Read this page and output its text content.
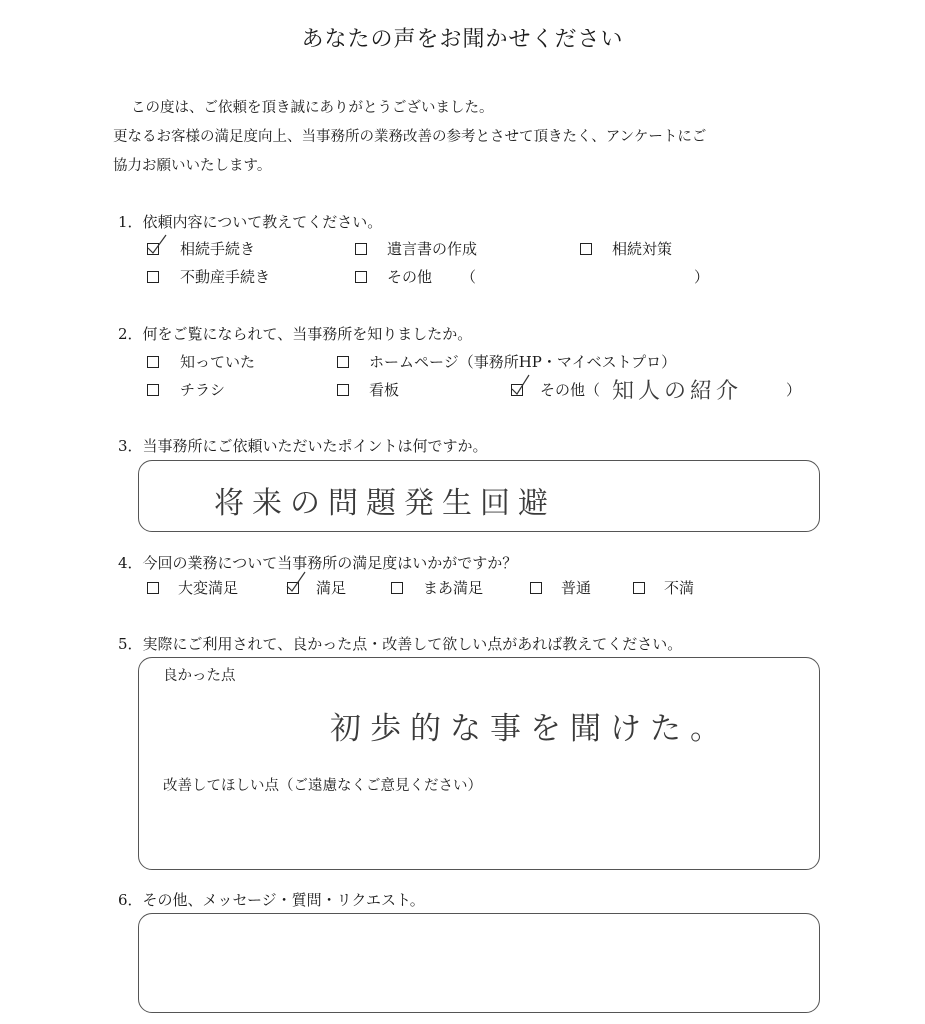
あなたの声をお聞かせください
この度は、ご依頼を頂き誠にありがとうございました。
更なるお客様の満足度向上、当事務所の業務改善の参考とさせて頂きたく、アンケートにご
協力お願いいたします。
1．依頼内容について教えてください。
相続手続き	遺言書の作成	相続対策
不動産手続き	その他 （	）
2．何をご覧になられて、当事務所を知りましたか。
知っていた	ホームページ（事務所HP・マイベストプロ）
チラシ	看板	その他（ 知人の紹介	）
3．当事務所にご依頼いただいたポイントは何ですか。
将来の問題発生回避
4．今回の業務について当事務所の満足度はいかがですか？
大変満足	満足	まあ満足	普通	不満
5．実際にご利用されて、良かった点・改善して欲しい点があれば教えてください。
良かった点
初歩的な事を聞けた。
改善してほしい点（ご遠慮なくご意見ください）
6．その他、メッセージ・質問・リクエスト。
